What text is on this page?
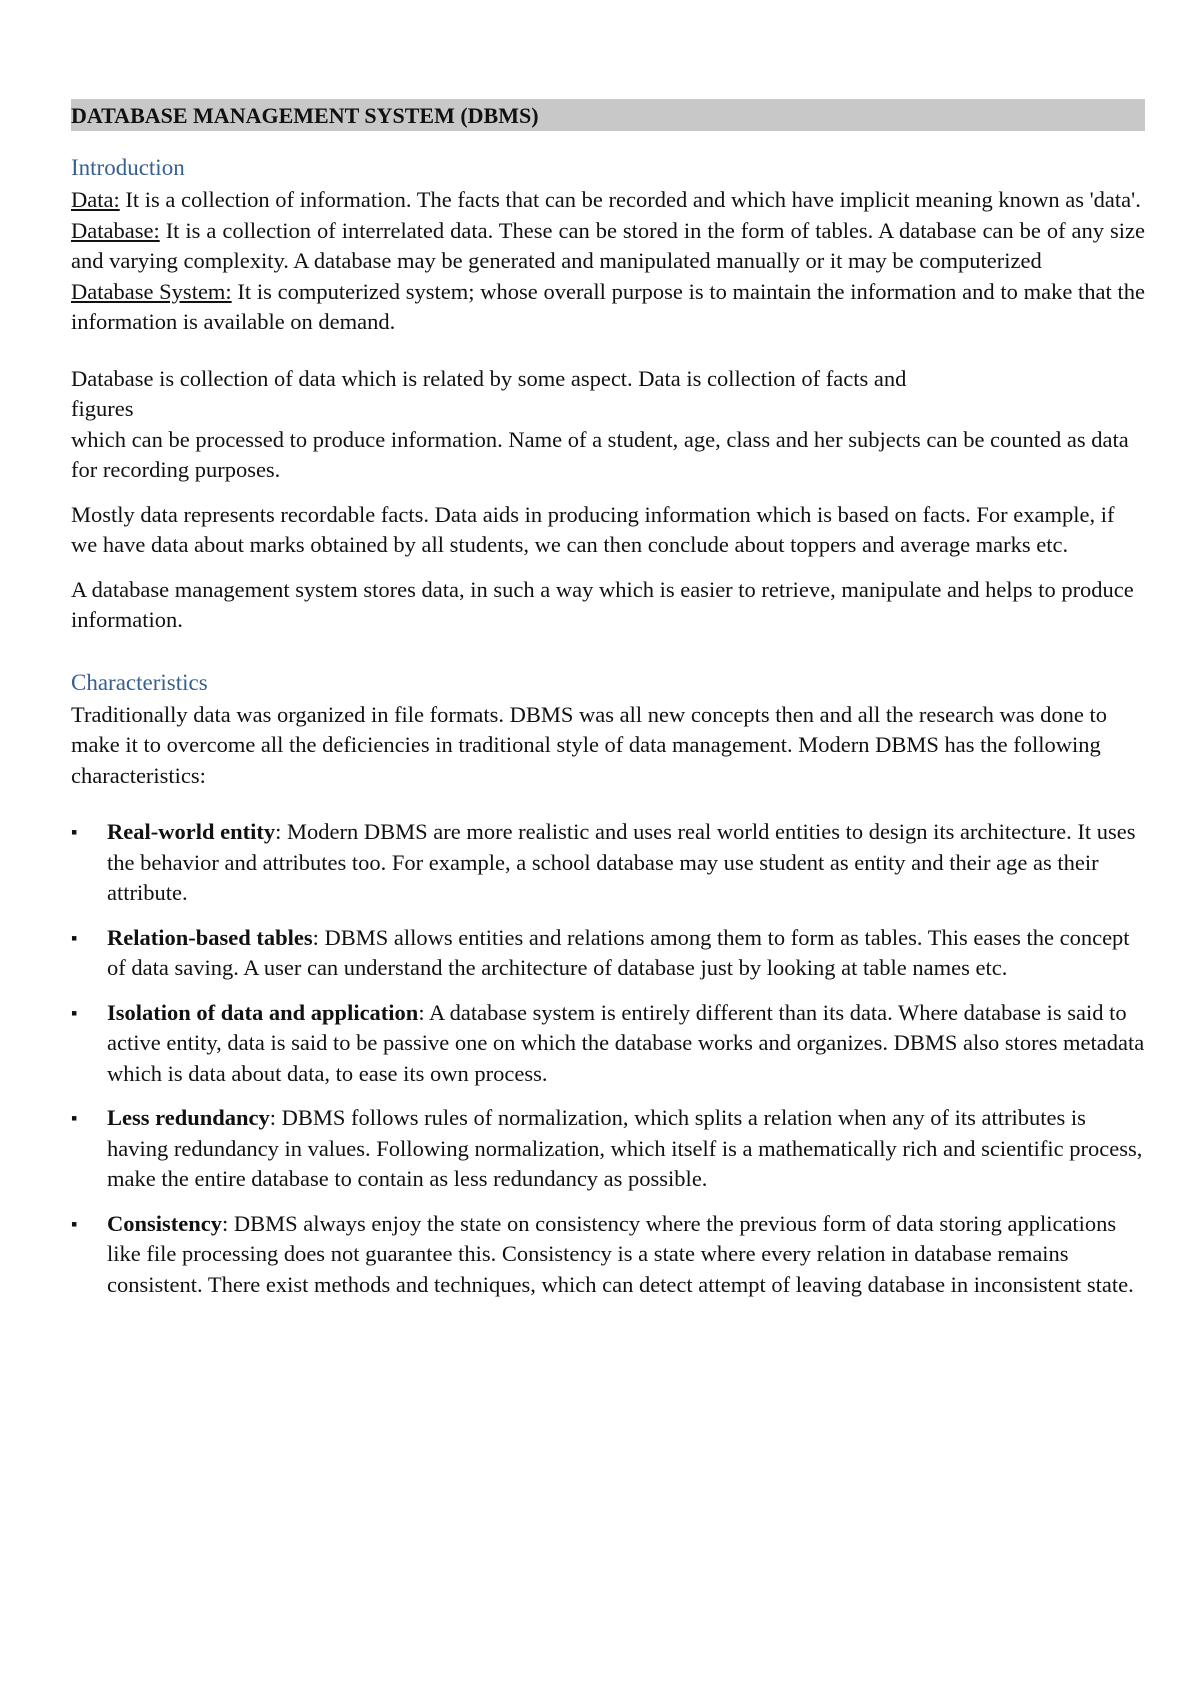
DATABASE MANAGEMENT SYSTEM (DBMS)
Introduction

Data: It is a collection of information. The facts that can be recorded and which have implicit meaning known as 'data'.

Database: It is a collection of interrelated data. These can be stored in the form of tables. A database can be of any size and varying complexity. A database may be generated and manipulated manually or it may be computerized

Database System: It is computerized system; whose overall purpose is to maintain the information and to make that the information is available on demand.

Database is collection of data which is related by some aspect. Data is collection of facts and
figures
which can be processed to produce information. Name of a student, age, class and her subjects can be counted as data for recording purposes.

Mostly data represents recordable facts. Data aids in producing information which is based on facts. For example, if we have data about marks obtained by all students, we can then conclude about toppers and average marks etc.

A database management system stores data, in such a way which is easier to retrieve, manipulate and helps to produce information.

Characteristics

Traditionally data was organized in file formats. DBMS was all new concepts then and all the research was done to make it to overcome all the deficiencies in traditional style of data management. Modern DBMS has the following characteristics:

▪ Real-world entity: Modern DBMS are more realistic and uses real world entities to design its architecture. It uses the behavior and attributes too. For example, a school database may use student as entity and their age as their attribute.
▪ Relation-based tables: DBMS allows entities and relations among them to form as tables. This eases the concept of data saving. A user can understand the architecture of database just by looking at table names etc.
▪ Isolation of data and application: A database system is entirely different than its data. Where database is said to active entity, data is said to be passive one on which the database works and organizes. DBMS also stores metadata which is data about data, to ease its own process.
▪ Less redundancy: DBMS follows rules of normalization, which splits a relation when any of its attributes is having redundancy in values. Following normalization, which itself is a mathematically rich and scientific process, make the entire database to contain as less redundancy as possible.
▪ Consistency: DBMS always enjoy the state on consistency where the previous form of data storing applications like file processing does not guarantee this. Consistency is a state where every relation in database remains consistent. There exist methods and techniques, which can detect attempt of leaving database in inconsistent state.
